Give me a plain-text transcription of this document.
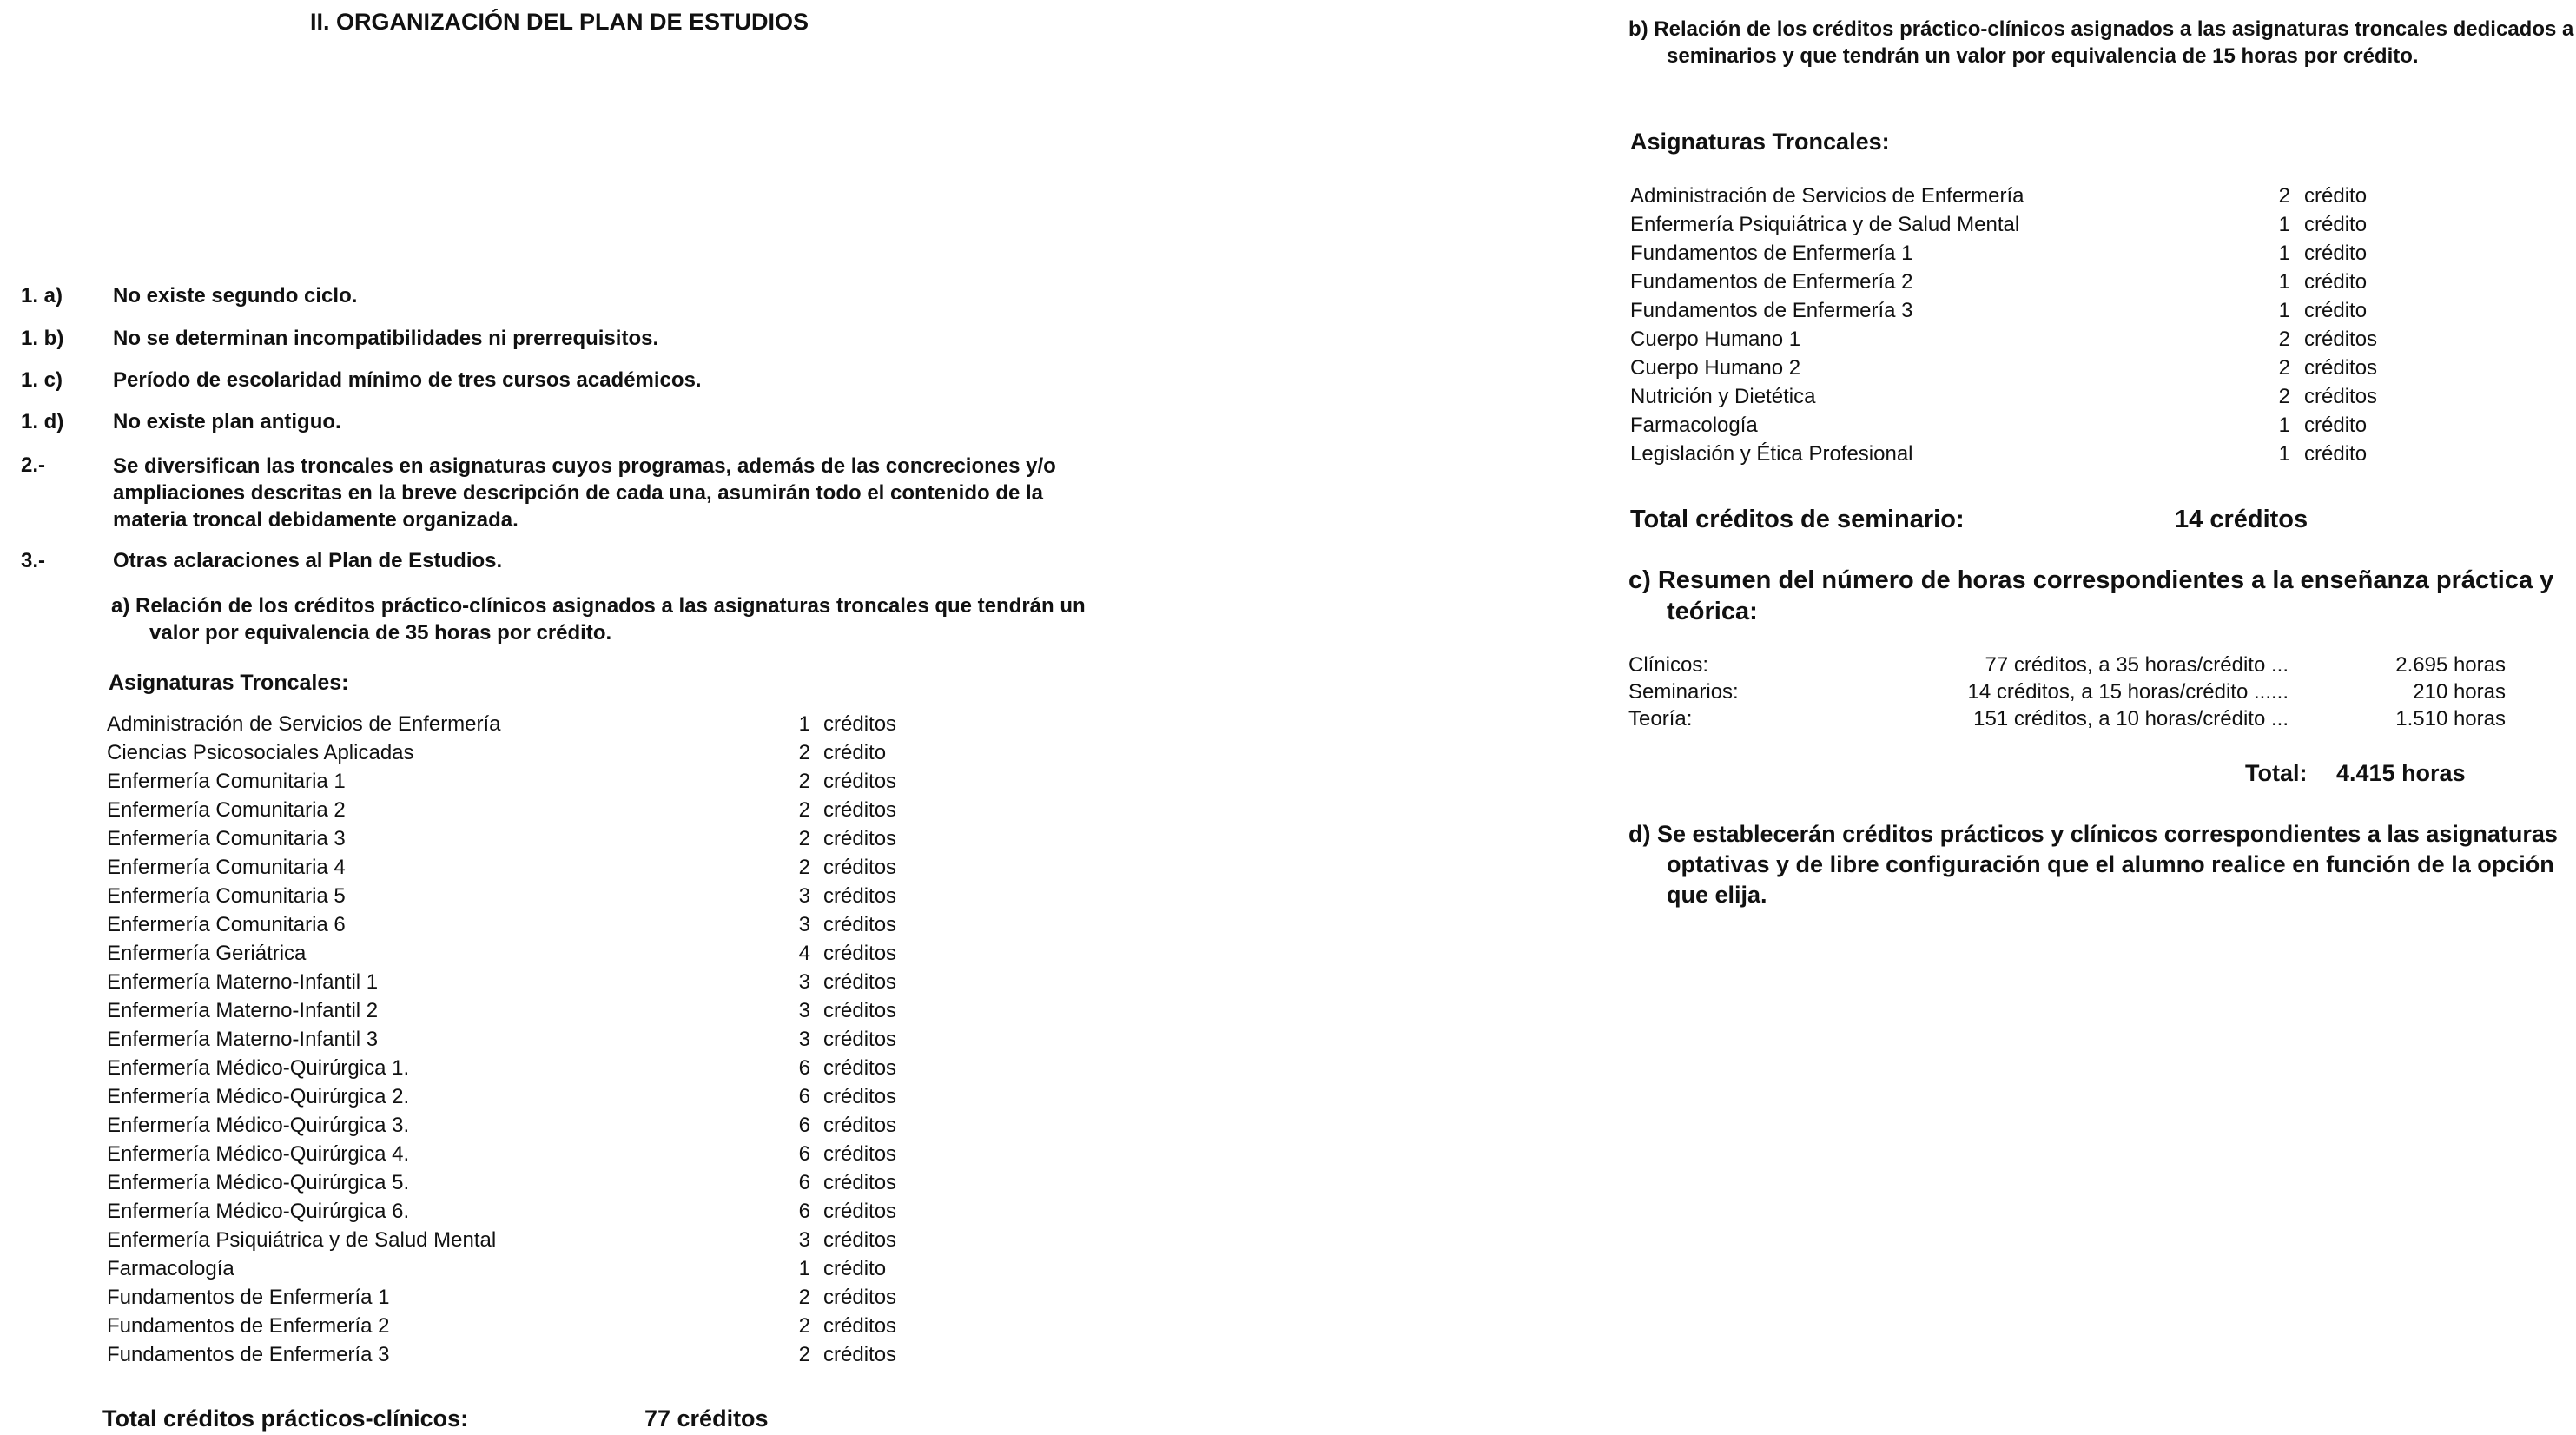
II. ORGANIZACIÓN DEL PLAN DE ESTUDIOS
1. a) No existe segundo ciclo.
1. b) No se determinan incompatibilidades ni prerrequisitos.
1. c) Período de escolaridad mínimo de tres cursos académicos.
1. d) No existe plan antiguo.
2.-	Se diversifican las troncales en asignaturas cuyos programas, además de las concreciones y/o ampliaciones descritas en la breve descripción de cada una, asumirán todo el contenido de la materia troncal debidamente organizada.
3.-	Otras aclaraciones al Plan de Estudios.
a) Relación de los créditos práctico-clínicos asignados a las asignaturas troncales que tendrán un valor por equivalencia de 35 horas por crédito.
Asignaturas Troncales:
Administración de Servicios de Enfermería	1 créditos
Ciencias Psicosociales Aplicadas	2 crédito
Enfermería Comunitaria 1	2 créditos
Enfermería Comunitaria 2	2 créditos
Enfermería Comunitaria 3	2 créditos
Enfermería Comunitaria 4	2 créditos
Enfermería Comunitaria 5	3 créditos
Enfermería Comunitaria 6	3 créditos
Enfermería Geriátrica	4 créditos
Enfermería Materno-Infantil 1	3 créditos
Enfermería Materno-Infantil 2	3 créditos
Enfermería Materno-Infantil 3	3 créditos
Enfermería Médico-Quirúrgica 1.	6 créditos
Enfermería Médico-Quirúrgica 2.	6 créditos
Enfermería Médico-Quirúrgica 3.	6 créditos
Enfermería Médico-Quirúrgica 4.	6 créditos
Enfermería Médico-Quirúrgica 5.	6 créditos
Enfermería Médico-Quirúrgica 6.	6 créditos
Enfermería Psiquiátrica y de Salud Mental	3 créditos
Farmacología	1 crédito
Fundamentos de Enfermería 1	2 créditos
Fundamentos de Enfermería 2	2 créditos
Fundamentos de Enfermería 3	2 créditos
Total créditos prácticos-clínicos:	77 créditos
b) Relación de los créditos práctico-clínicos asignados a las asignaturas troncales dedicados a seminarios y que tendrán un valor por equivalencia de 15 horas por crédito.
Asignaturas Troncales:
Administración de Servicios de Enfermería	2 crédito
Enfermería Psiquiátrica y de Salud Mental	1 crédito
Fundamentos de Enfermería 1	1 crédito
Fundamentos de Enfermería 2	1 crédito
Fundamentos de Enfermería 3	1 crédito
Cuerpo Humano 1	2 créditos
Cuerpo Humano 2	2 créditos
Nutrición y Dietética	2 créditos
Farmacología	1 crédito
Legislación y Ética Profesional	1 crédito
Total créditos de seminario:	14 créditos
c) Resumen del número de horas correspondientes a la enseñanza práctica y teórica:
Clínicos:	77 créditos, a 35 horas/crédito ...	2.695 horas
Seminarios:	14 créditos, a 15 horas/crédito ......	210 horas
Teoría:	151 créditos, a 10 horas/crédito ...	1.510 horas
Total: 4.415 horas
d) Se establecerán créditos prácticos y clínicos correspondientes a las asignaturas optativas y de libre configuración que el alumno realice en función de la opción que elija.
